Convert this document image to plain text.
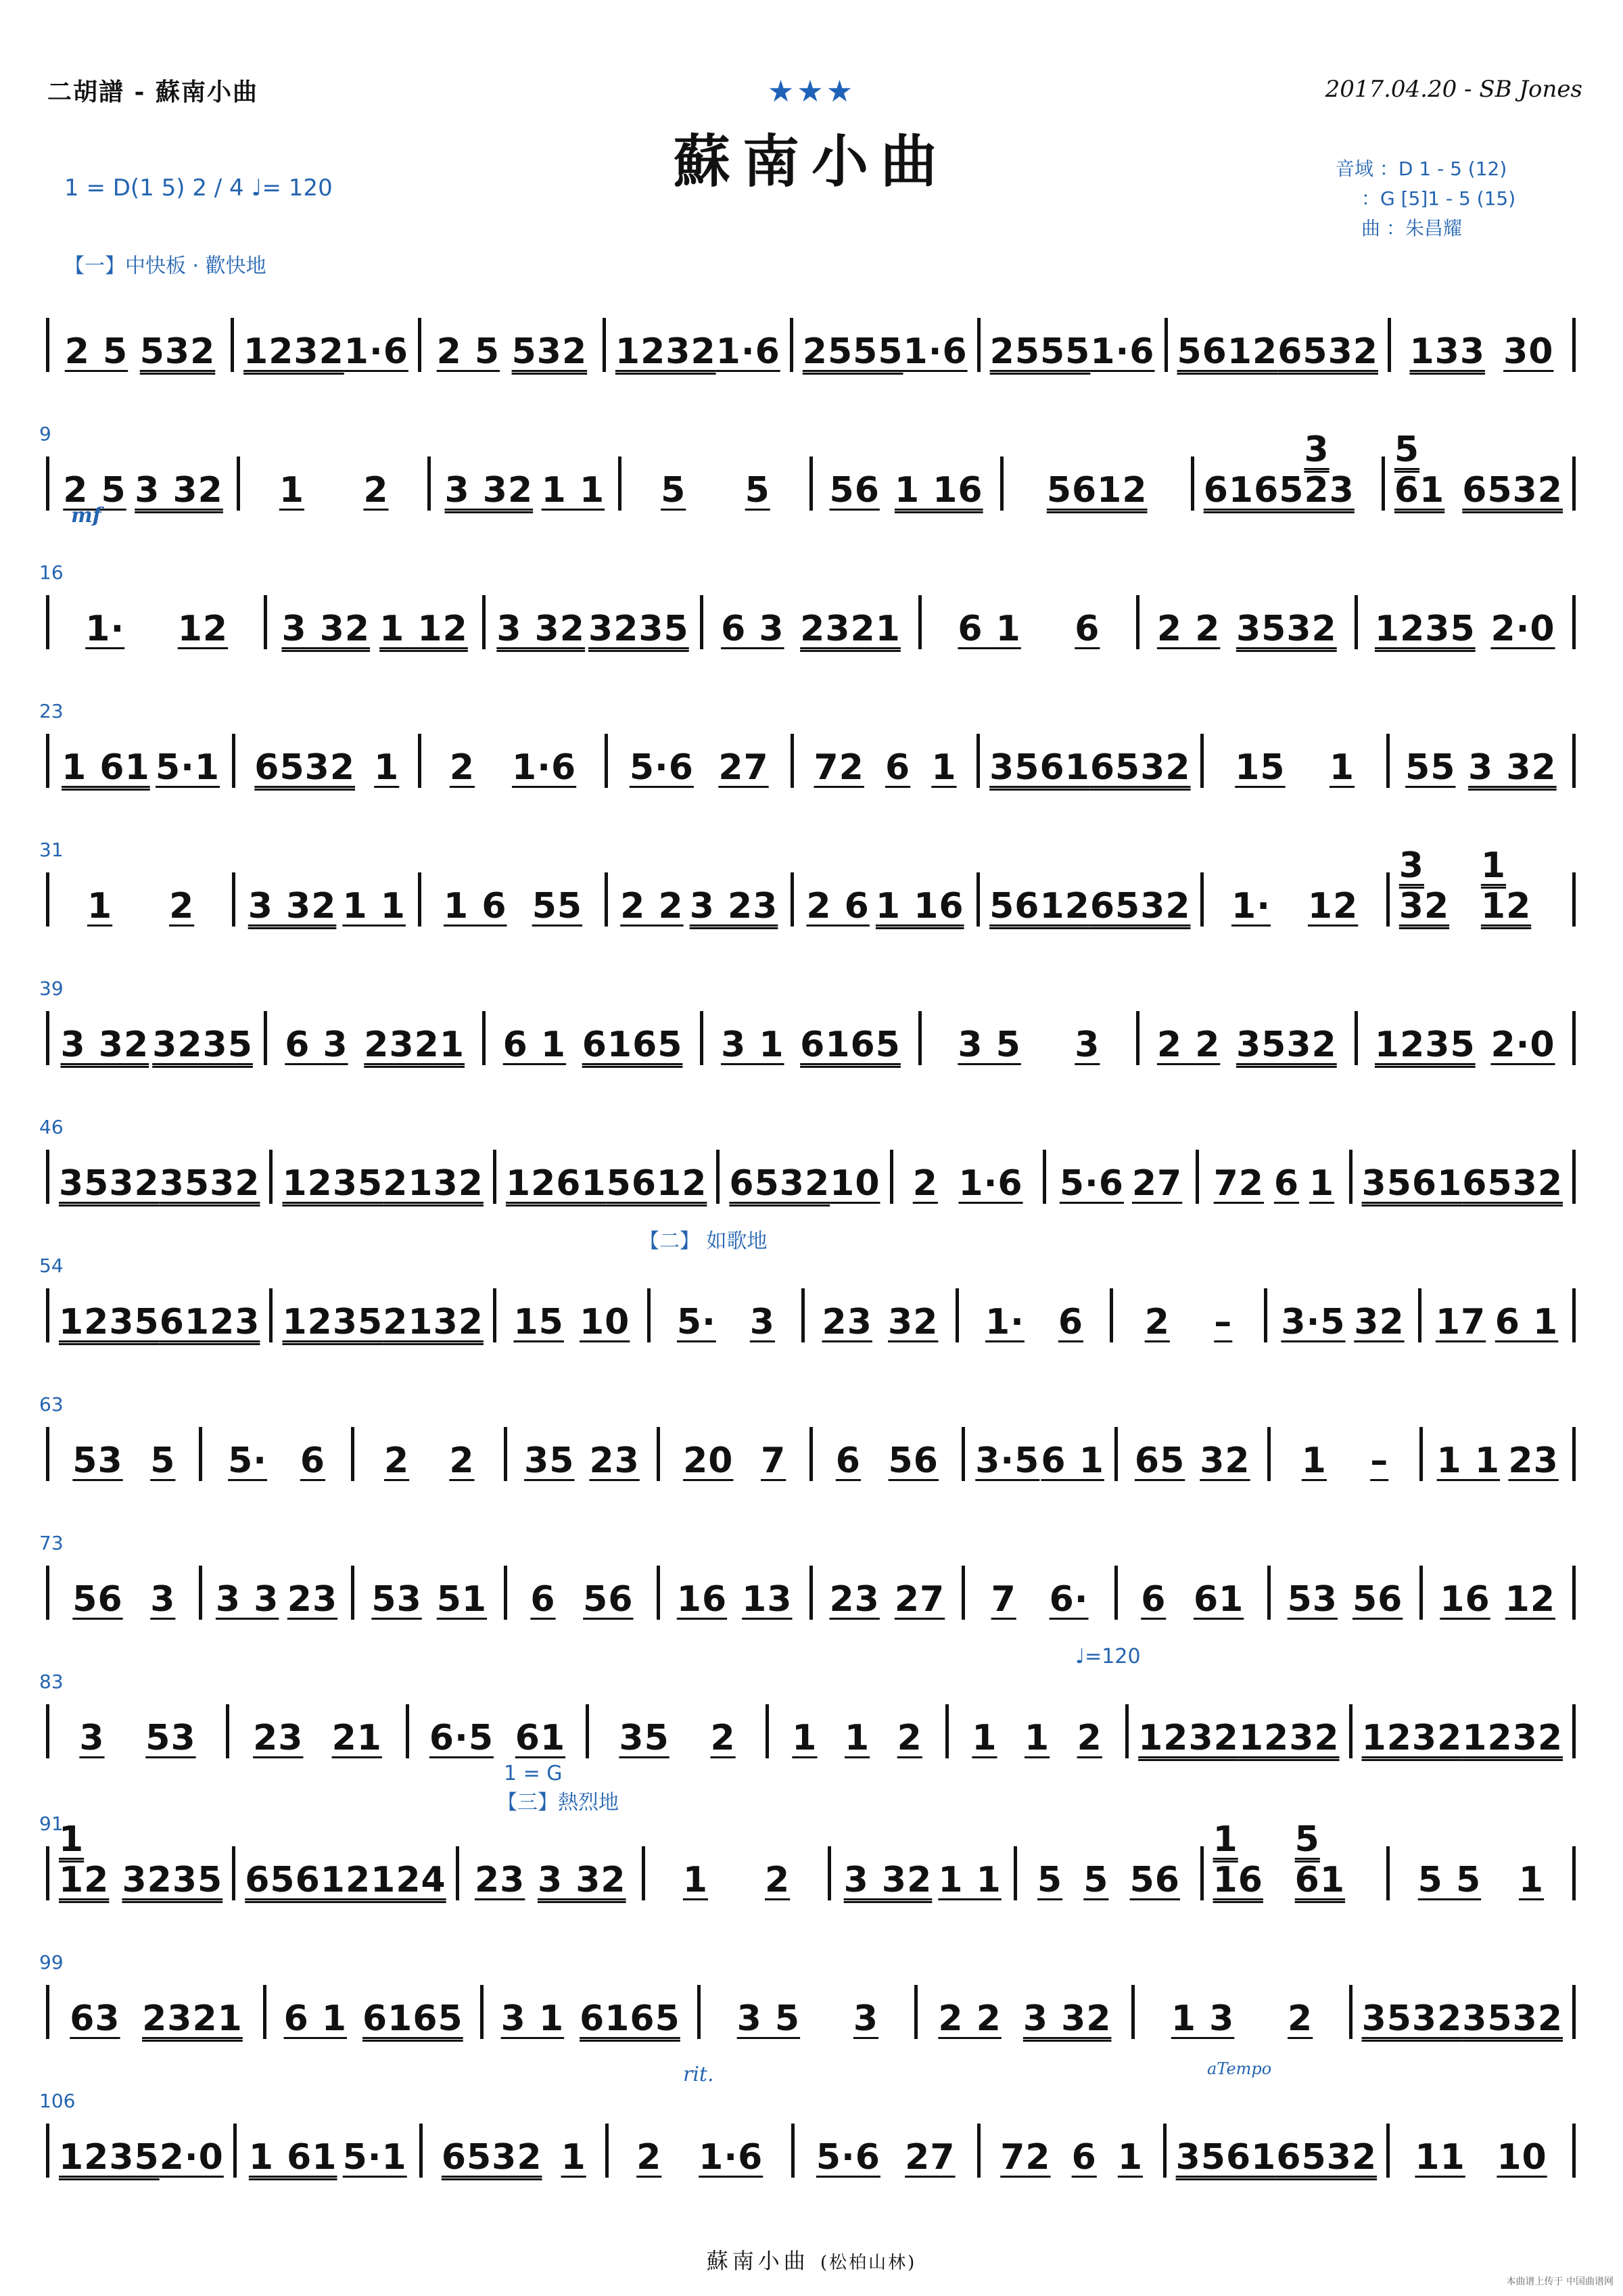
二胡譜 - 蘇南小曲	2017.04.20 - SB Jones
★★★
蘇南小曲
1 = D(1 5) 2 / 4 ♩= 120
音域 ：D 1 - 5 (12)
：G [5]1 - 5 (15)
曲 ：朱昌耀
2 5 532 1232 1·6 2 5 532 1232 1·6 2555 1·6 2555 1·6 5612 6532 133 30
9
2 5 3 32 1 2 3 32 1 1 5 5 56 1 16 5612 6165
3 23
5 61 6532
16
1· 12 3 32 1 12 3 32 3235 6 3 2321 6 1 6 2 2 3532 1235 2·0
23
1 61 5·1 6532 1 2 1·6 5·6 27 72 6 1 3561 6532 15 1 55 3 32
31
1 2 3 32 1 1 1 6 55 2 2 3 23 2 6 1 16 5612 6532 1· 12
3 32
1 12
39
3 32 3235 6 3 2321 6 1 6165 3 1 6165 3 5 3 2 2 3532 1235 2·0
46
3532 3532 1235 2132 1261 5612 6532 10 2 1·6 5·6 27 72 6 1 3561 6532
54
1235 6123 1235 2132 15 10 5· 3 23 32 1· 6 2 – 3·5 32 17 6 1
63
53 5 5· 6 2 2 35 23 20 7 6 56 3·5 6 1 65 32 1 – 1 1 23
73
56 3 3 3 23 53 51 6 56 16 13 23 27 7 6· 6 61 53 56 16 12
83
3 53 23 21 6·5 61 35 2 1 1 2 1 1 2 1232 1232 1232 1232
91
1 12 3235 6561 2124 23 3 32 1 2 3 32 1 1 5 5 56
1 16
5 61	5 5 1
99
63 2321 6 1 6165 3 1 6165 3 5 3 2 2 3 32 1 3 2 3532 3532
106
1235 2·0 1 61 5·1 6532 1 2 1·6 5·6 27 72 6 1 3561 6532 11 10
蘇南小曲 (松柏山林)
本曲谱上传于 中国曲谱网
【一】中快板 · 歡快地
mf
【二】 如歌地
♩=120
【三】熱烈地
1 = G
rit.	aTempo
